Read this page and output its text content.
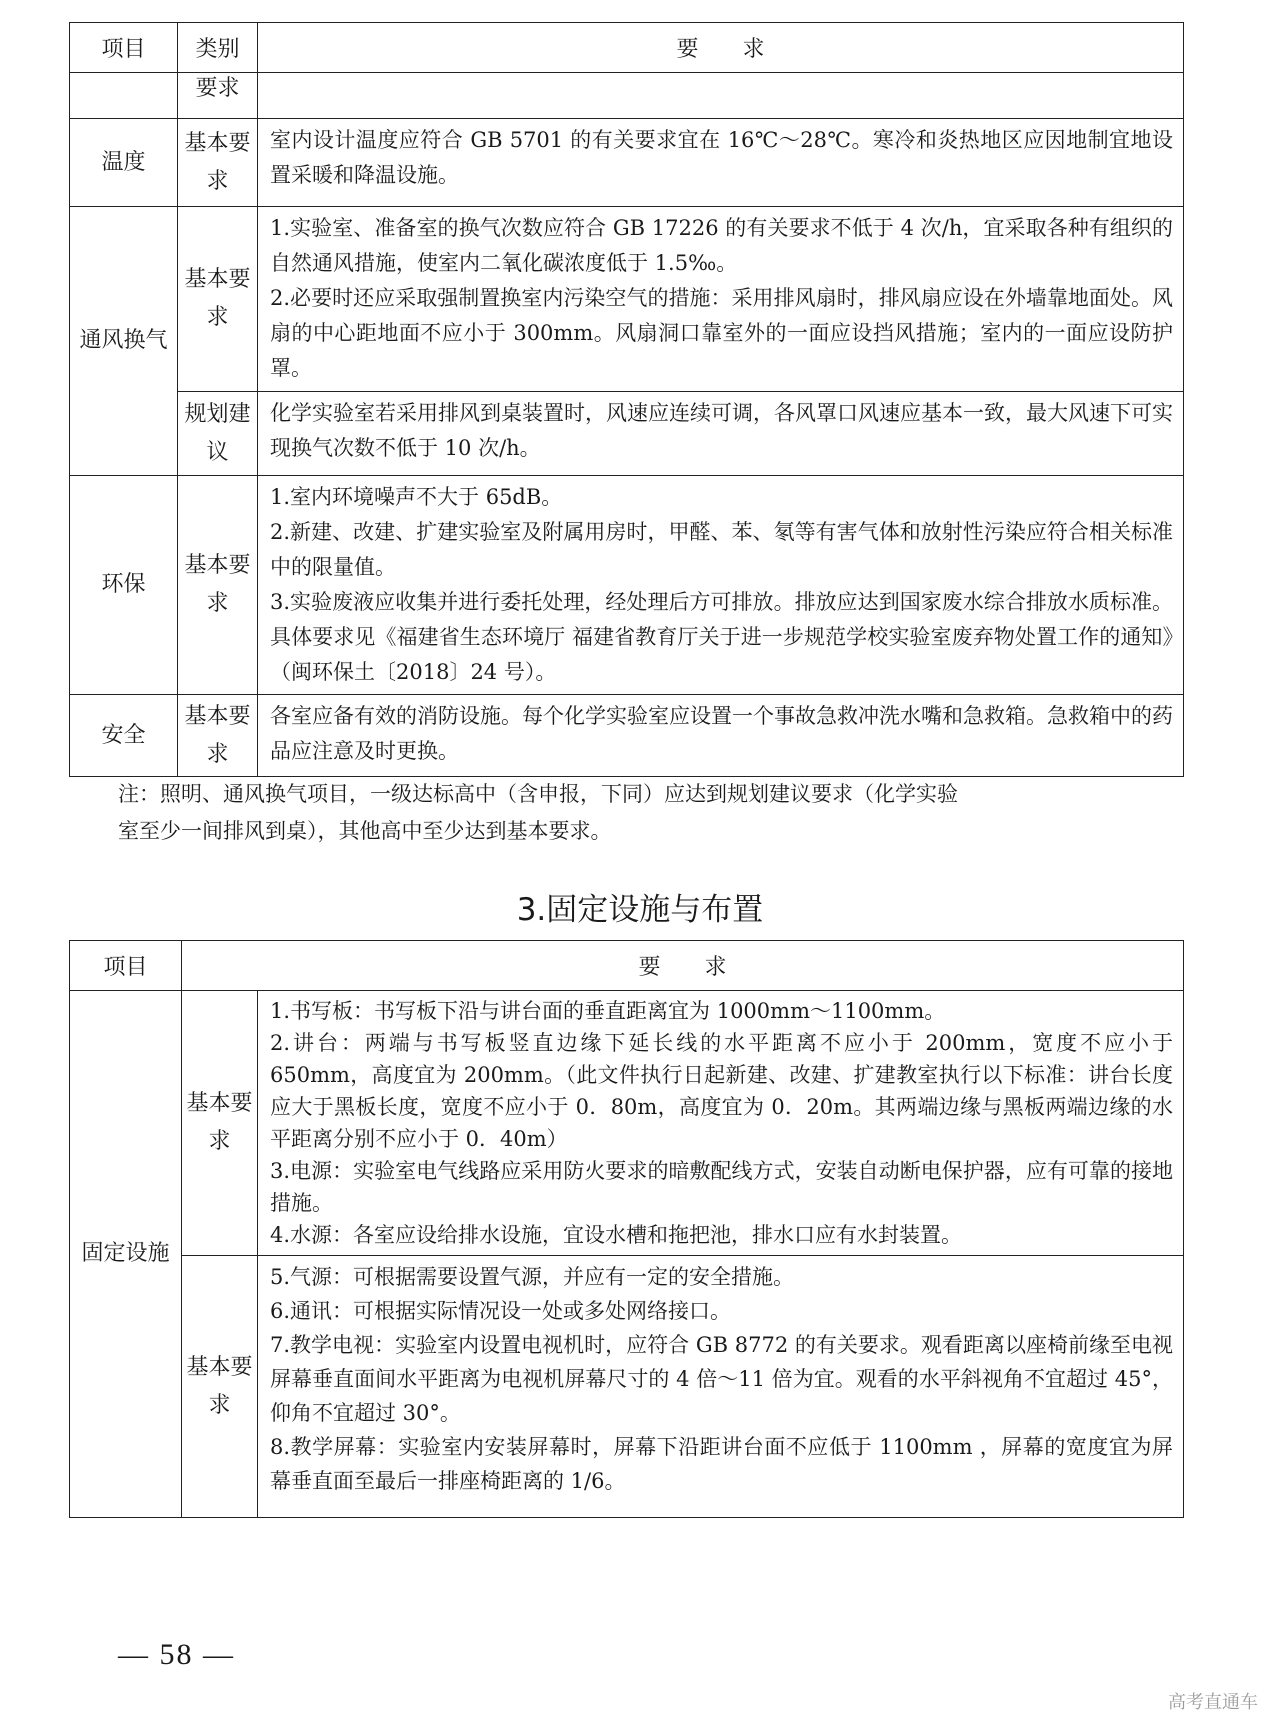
项目	类别	要　　求
	要求	
温度	基本要求	室内设计温度应符合 GB 5701 的有关要求宜在 16℃～28℃。寒冷和炎热地区应因地制宜地设置采暖和降温设施。
通风换气	基本要求	1.实验室、准备室的换气次数应符合 GB 17226 的有关要求不低于 4 次/h，宜采取各种有组织的自然通风措施，使室内二氧化碳浓度低于 1.5‰。
2.必要时还应采取强制置换室内污染空气的措施：采用排风扇时，排风扇应设在外墙靠地面处。风扇的中心距地面不应小于 300mm。风扇洞口靠室外的一面应设挡风措施；室内的一面应设防护罩。

	规划建议	化学实验室若采用排风到桌装置时，风速应连续可调，各风罩口风速应基本一致，最大风速下可实现换气次数不低于 10 次/h。
环保	基本要求	1.室内环境噪声不大于 65dB。
2.新建、改建、扩建实验室及附属用房时，甲醛、苯、氡等有害气体和放射性污染应符合相关标准中的限量值。
3.实验废液应收集并进行委托处理，经处理后方可排放。排放应达到国家废水综合排放水质标准。具体要求见《福建省生态环境厅 福建省教育厅关于进一步规范学校实验室废弃物处置工作的通知》（闽环保土〔2018〕24 号）。

安全	基本要求	各室应备有效的消防设施。每个化学实验室应设置一个事故急救冲洗水嘴和急救箱。急救箱中的药品应注意及时更换。
注：照明、通风换气项目，一级达标高中（含申报，下同）应达到规划建议要求（化学实验
室至少一间排风到桌），其他高中至少达到基本要求。
3.固定设施与布置
项目	要　　求	
固定设施	基本要求	1.书写板：书写板下沿与讲台面的垂直距离宜为 1000mm～1100mm。
2.讲台：两端与书写板竖直边缘下延长线的水平距离不应小于 200mm，宽度不应小于 650mm，高度宜为 200mm。（此文件执行日起新建、改建、扩建教室执行以下标准：讲台长度应大于黑板长度，宽度不应小于 0．80m，高度宜为 0．20m。其两端边缘与黑板两端边缘的水平距离分别不应小于 0．40m）
3.电源：实验室电气线路应采用防火要求的暗敷配线方式，安装自动断电保护器，应有可靠的接地措施。
4.水源：各室应设给排水设施，宜设水槽和拖把池，排水口应有水封装置。

	基本要求	5.气源：可根据需要设置气源，并应有一定的安全措施。
6.通讯：可根据实际情况设一处或多处网络接口。
7.教学电视：实验室内设置电视机时，应符合 GB 8772 的有关要求。观看距离以座椅前缘至电视屏幕垂直面间水平距离为电视机屏幕尺寸的 4 倍～11 倍为宜。观看的水平斜视角不宜超过 45°，仰角不宜超过 30°。
8.教学屏幕：实验室内安装屏幕时，屏幕下沿距讲台面不应低于 1100mm ，屏幕的宽度宜为屏幕垂直面至最后一排座椅距离的 1/6。
— 58 —
高考直通车
